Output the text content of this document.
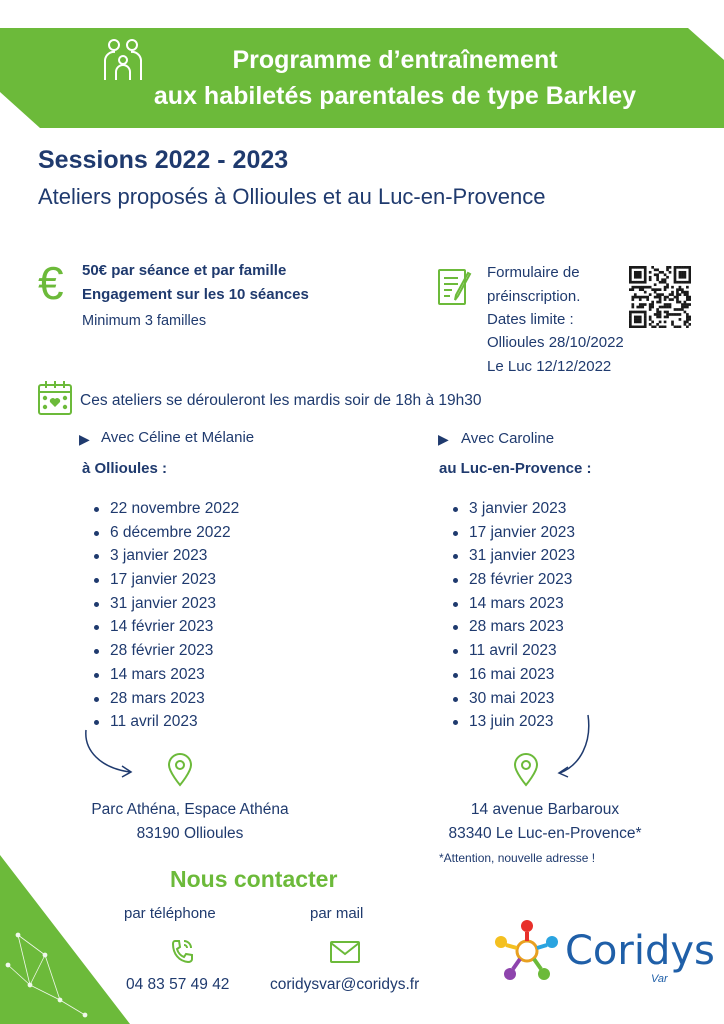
Programme d’entraînement
aux habiletés parentales de type Barkley
Sessions 2022 - 2023
Ateliers proposés à Ollioules et au Luc-en-Provence
€ 50€ par séance et par famille
Engagement sur les 10 séances
Minimum 3 familles
Formulaire de
préinscription.
Dates limite :
Ollioules 28/10/2022
Le Luc 12/12/2022
Ces ateliers se dérouleront les mardis soir de 18h à 19h30
▶ Avec Céline et Mélanie
à Ollioules :
22 novembre 2022
6 décembre 2022
3 janvier 2023
17 janvier 2023
31 janvier 2023
14 février 2023
28 février 2023
14 mars 2023
28 mars 2023
11 avril 2023
▶ Avec Caroline
au Luc-en-Provence :
3 janvier 2023
17 janvier 2023
31 janvier 2023
28 février 2023
14 mars 2023
28 mars 2023
11 avril 2023
16 mai 2023
30 mai 2023
13 juin 2023
Parc Athéna, Espace Athéna
83190 Ollioules
14 avenue Barbaroux
83340 Le Luc-en-Provence*
*Attention, nouvelle adresse !
Nous contacter
par téléphone	par mail
04 83 57 49 42	coridysvar@coridys.fr
Coridys
Var
